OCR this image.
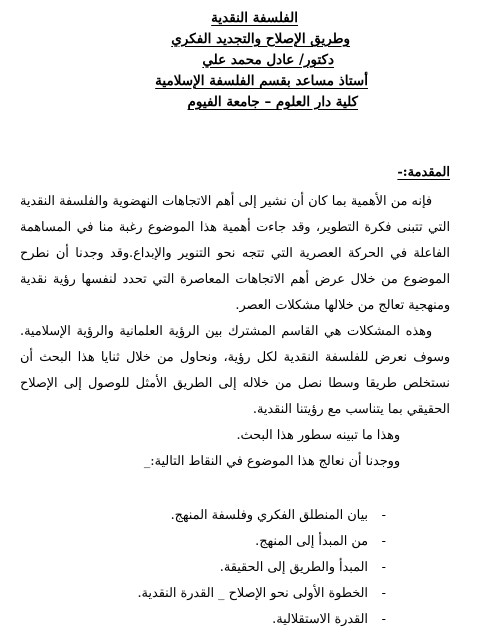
الفلسفة النقدية
وطريق الإصلاح والتجديد الفكري
دكتور/ عادل محمد علي
أستاذ مساعد بقسم الفلسفة الإسلامية
كلية دار العلوم – جامعة الفيوم
المقدمة:-

فإنه من الأهمية بما كان أن نشير إلى أهم الاتجاهات النهضوية والفلسفة النقدية التي تتبنى فكرة التطوير، وقد جاءت أهمية هذا الموضوع رغبة منا في المساهمة الفاعلة في الحركة العصرية التي تتجه نحو التنوير والإبداع.وقد وجدنا أن نطرح الموضوع من خلال عرض أهم الاتجاهات المعاصرة التي تحدد لنفسها رؤية نقدية ومنهجية تعالج من خلالها مشكلات العصر.

وهذه المشكلات هي القاسم المشترك بين الرؤية العلمانية والرؤية الإسلامية. وسوف نعرض للفلسفة النقدية لكل رؤية، ونحاول من خلال ثنايا هذا البحث أن نستخلص طريقا وسطا نصل من خلاله إلى الطريق الأمثل للوصول إلى الإصلاح الحقيقي بما يتناسب مع رؤيتنا النقدية.

وهذا ما تبينه سطور هذا البحث.

ووجدنا أن نعالج هذا الموضوع في النقاط التالية:_

-
بيان المنطلق الفكري وفلسفة المنهج.
-
من المبدأ إلى المنهج.
-
المبدأ والطريق إلى الحقيقة.
-
الخطوة الأولى نحو الإصلاح _ القدرة النقدية.
-
القدرة الاستقلالية.
